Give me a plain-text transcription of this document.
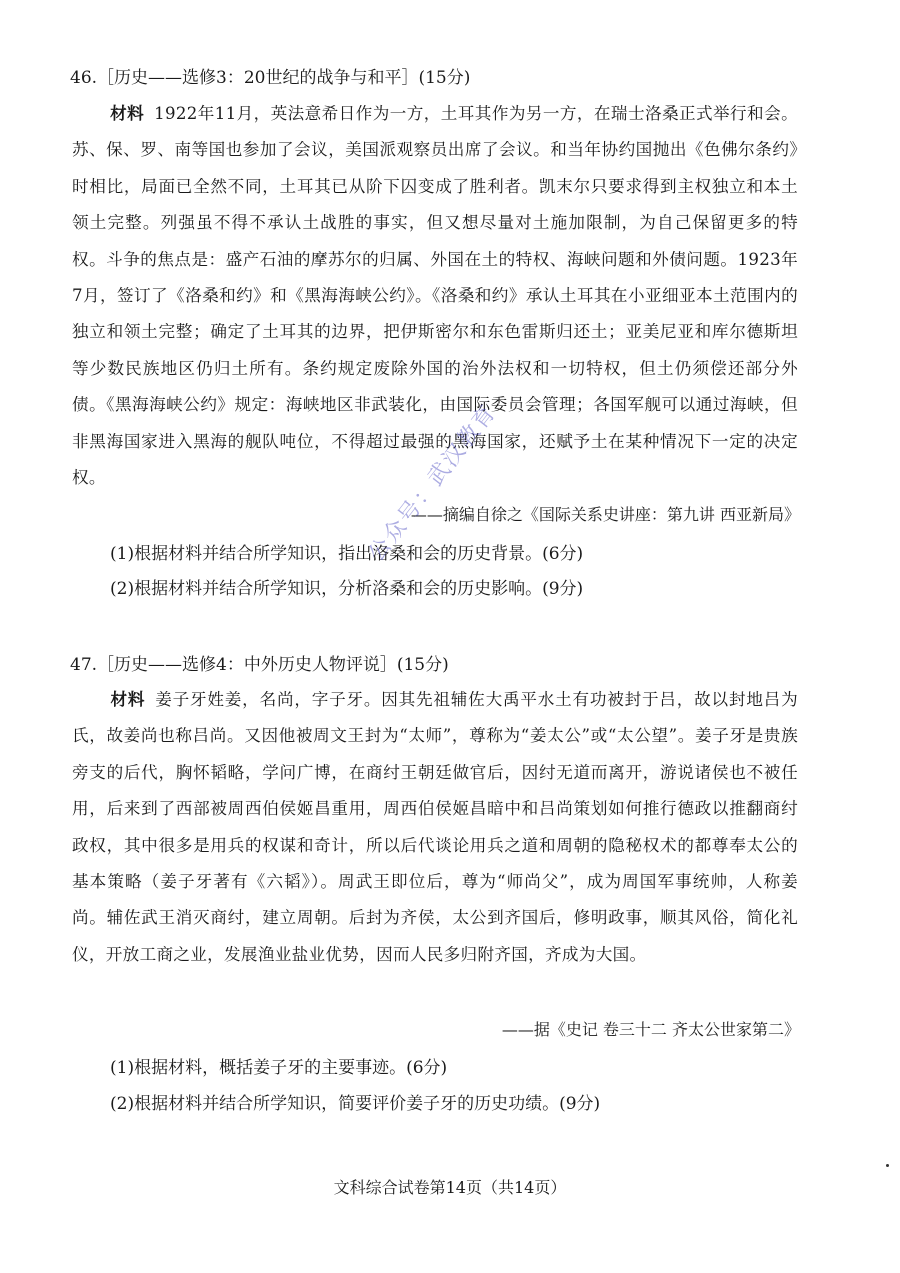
46.［历史——选修3：20世纪的战争与和平］(15分)

材料 1922年11月，英法意希日作为一方，土耳其作为另一方，在瑞士洛桑正式举行和会。苏、保、罗、南等国也参加了会议，美国派观察员出席了会议。和当年协约国抛出《色佛尔条约》时相比，局面已全然不同，土耳其已从阶下囚变成了胜利者。凯末尔只要求得到主权独立和本土领土完整。列强虽不得不承认土战胜的事实，但又想尽量对土施加限制，为自己保留更多的特权。斗争的焦点是：盛产石油的摩苏尔的归属、外国在土的特权、海峡问题和外债问题。1923年7月，签订了《洛桑和约》和《黑海海峡公约》。《洛桑和约》承认土耳其在小亚细亚本土范围内的独立和领土完整；确定了土耳其的边界，把伊斯密尔和东色雷斯归还土；亚美尼亚和库尔德斯坦等少数民族地区仍归土所有。条约规定废除外国的治外法权和一切特权，但土仍须偿还部分外债。《黑海海峡公约》规定：海峡地区非武装化，由国际委员会管理；各国军舰可以通过海峡，但非黑海国家进入黑海的舰队吨位，不得超过最强的黑海国家，还赋予土在某种情况下一定的决定权。

——摘编自徐之《国际关系史讲座：第九讲 西亚新局》
(1)根据材料并结合所学知识，指出洛桑和会的历史背景。(6分)
(2)根据材料并结合所学知识，分析洛桑和会的历史影响。(9分)
47.［历史——选修4：中外历史人物评说］(15分)

材料 姜子牙姓姜，名尚，字子牙。因其先祖辅佐大禹平水土有功被封于吕，故以封地吕为氏，故姜尚也称吕尚。又因他被周文王封为“太师”，尊称为“姜太公”或“太公望”。姜子牙是贵族旁支的后代，胸怀韬略，学问广博，在商纣王朝廷做官后，因纣无道而离开，游说诸侯也不被任用，后来到了西部被周西伯侯姬昌重用，周西伯侯姬昌暗中和吕尚策划如何推行德政以推翻商纣政权，其中很多是用兵的权谋和奇计，所以后代谈论用兵之道和周朝的隐秘权术的都尊奉太公的基本策略（姜子牙著有《六韬》）。周武王即位后，尊为“师尚父”，成为周国军事统帅，人称姜尚。辅佐武王消灭商纣，建立周朝。后封为齐侯，太公到齐国后，修明政事，顺其风俗，简化礼仪，开放工商之业，发展渔业盐业优势，因而人民多归附齐国，齐成为大国。

——据《史记 卷三十二 齐太公世家第二》
(1)根据材料，概括姜子牙的主要事迹。(6分)
(2)根据材料并结合所学知识，简要评价姜子牙的历史功绩。(9分)
文科综合试卷第14页（共14页）
公众号：武汉教育
